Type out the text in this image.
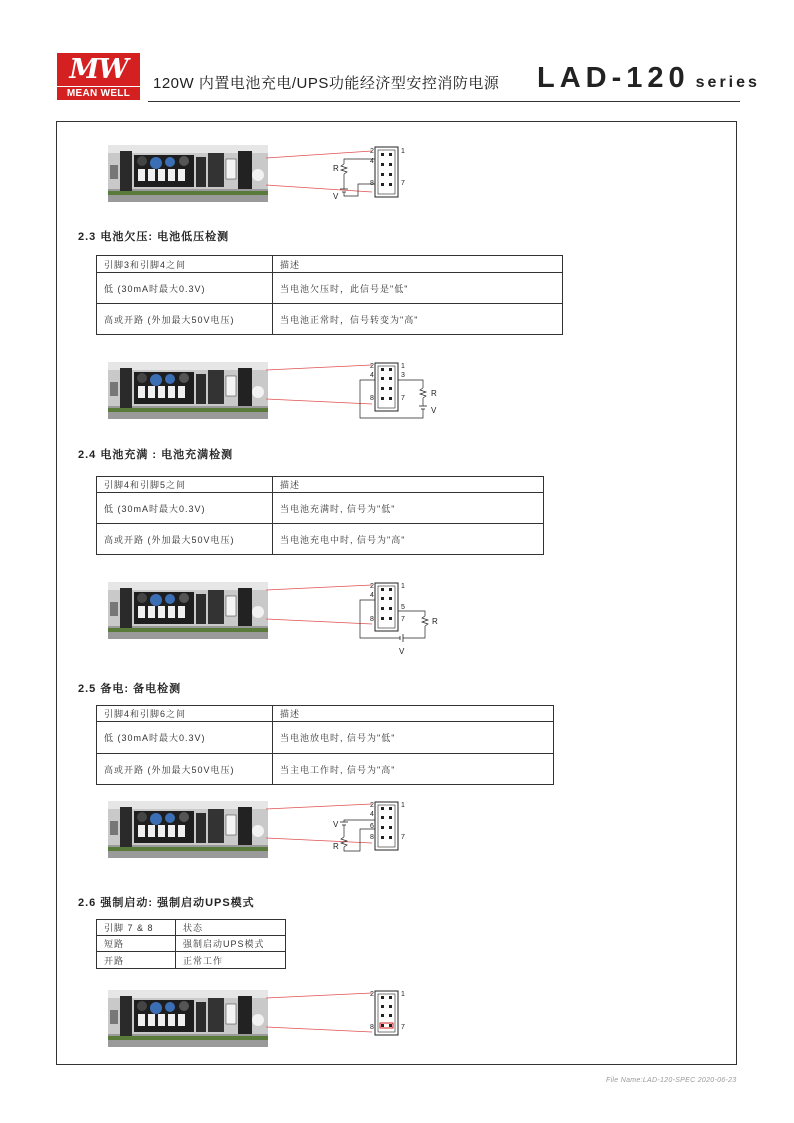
MW
MEAN WELL
120W 内置电池充电/UPS功能经济型安控消防电源 LAD-120 series
2
4
8
1
7
R
V
2.3 电池欠压: 电池低压检测
引脚3和引脚4之间	描述
低 (30mA时最大0.3V)	当电池欠压时，此信号是"低"
高或开路 (外加最大50V电压)	当电池正常时，信号转变为"高"
2
4
8
1
3
7
R
V
2.4 电池充满 : 电池充满检测
引脚4和引脚5之间	描述
低 (30mA时最大0.3V)	当电池充满时, 信号为"低"
高或开路 (外加最大50V电压)	当电池充电中时, 信号为"高"
2
4
8
1
5
7	R
V
2.5 备电: 备电检测
引脚4和引脚6之间	描述
低 (30mA时最大0.3V)	当电池放电时, 信号为"低"
高或开路 (外加最大50V电压)	当主电工作时, 信号为"高"
2
4
6
8
1
7
V
R
2.6 强制启动: 强制启动UPS模式
引脚 7 & 8	状态
短路	强制启动UPS模式
开路	正常工作
2
8
1
7
File Name:LAD-120-SPEC 2020-06-23
